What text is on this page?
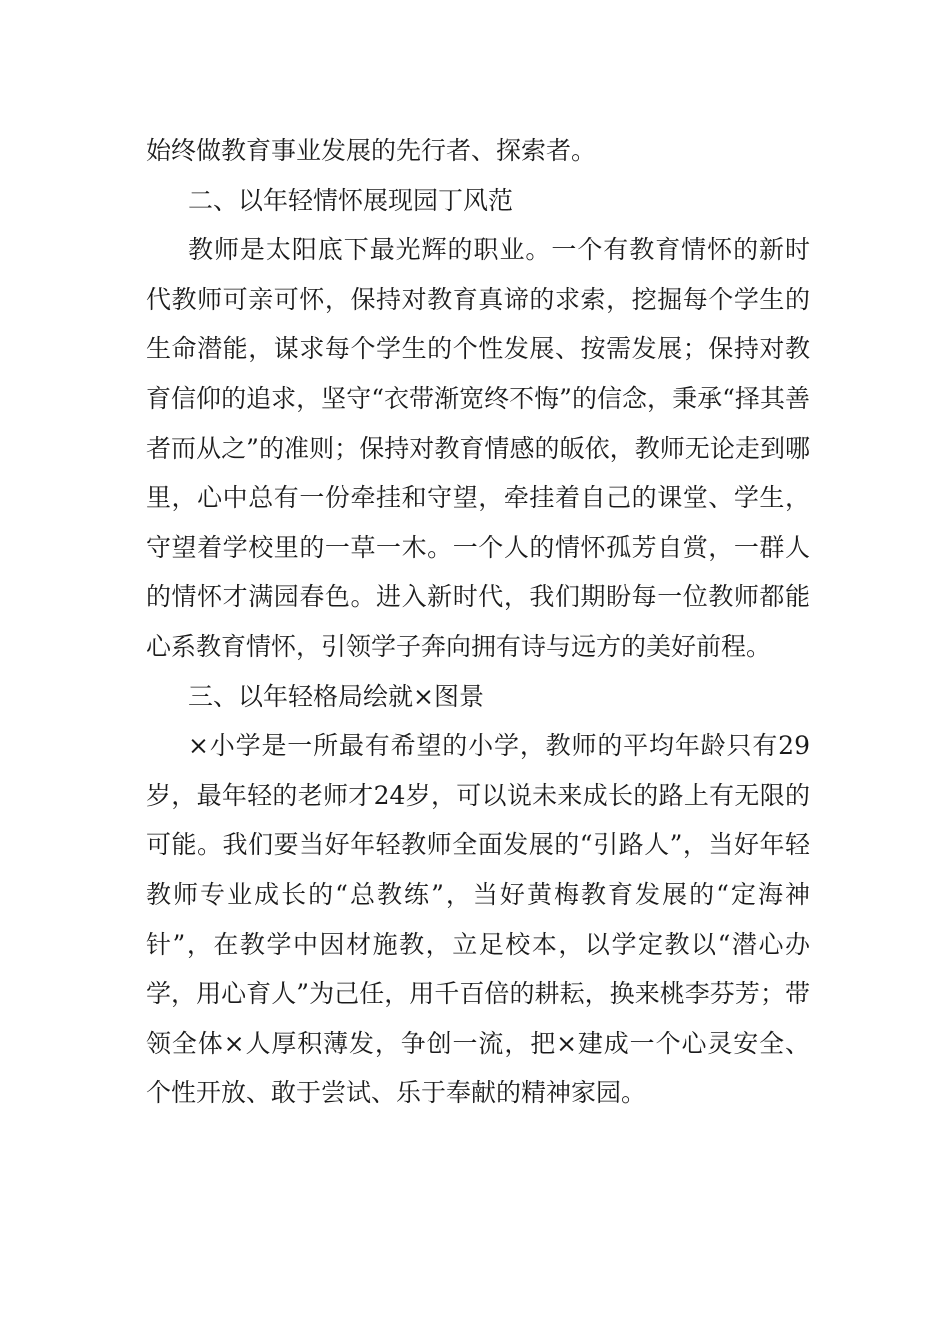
始终做教育事业发展的先行者、探索者。

二、以年轻情怀展现园丁风范

教师是太阳底下最光辉的职业。一个有教育情怀的新时代教师可亲可怀，保持对教育真谛的求索，挖掘每个学生的生命潜能，谋求每个学生的个性发展、按需发展；保持对教育信仰的追求，坚守“衣带渐宽终不悔”的信念，秉承“择其善者而从之”的准则；保持对教育情感的皈依，教师无论走到哪里，心中总有一份牵挂和守望，牵挂着自己的课堂、学生，守望着学校里的一草一木。一个人的情怀孤芳自赏，一群人的情怀才满园春色。进入新时代，我们期盼每一位教师都能心系教育情怀，引领学子奔向拥有诗与远方的美好前程。

三、以年轻格局绘就×图景

×小学是一所最有希望的小学，教师的平均年龄只有29岁，最年轻的老师才24岁，可以说未来成长的路上有无限的可能。我们要当好年轻教师全面发展的“引路人”，当好年轻教师专业成长的“总教练”，当好黄梅教育发展的“定海神针”，在教学中因材施教，立足校本，以学定教以“潜心办学，用心育人”为己任，用千百倍的耕耘，换来桃李芬芳；带领全体×人厚积薄发，争创一流，把×建成一个心灵安全、个性开放、敢于尝试、乐于奉献的精神家园。
